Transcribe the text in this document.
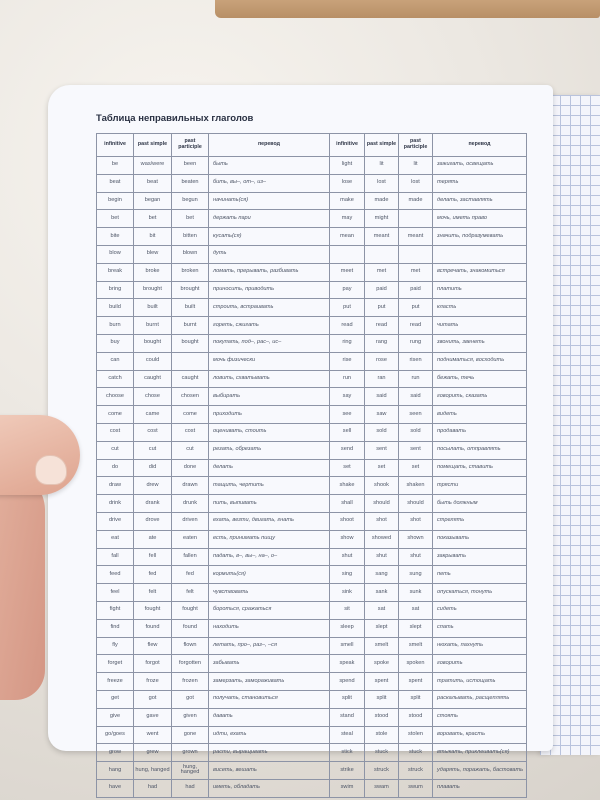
Таблица неправильных глаголов
infinitive	past simple	past participle	перевод	infinitive	past simple	past participle	перевод
be	was/were	been	быть	light	lit	lit	зажигать, освещать
beat	beat	beaten	бить, вы–, от–, из–	lose	lost	lost	терять
begin	began	begun	начинать(ся)	make	made	made	делать, заставлять
bet	bet	bet	держать пари	may	might		мочь, иметь право
bite	bit	bitten	кусать(ся)	mean	meant	meant	значить, подразумевать
blow	blew	blown	дуть				
break	broke	broken	ломать, прерывать, разбивать	meet	met	met	встречать, знакомиться
bring	brought	brought	приносить, приводить	pay	paid	paid	платить
build	built	built	строить, встраивать	put	put	put	класть
burn	burnt	burnt	гореть, сжигать	read	read	read	читать
buy	bought	bought	покупать, под–, рас–, ис–	ring	rang	rung	звонить, звенеть
can	could		мочь физически	rise	rose	risen	подниматься, восходить
catch	caught	caught	ловить, схватывать	run	ran	run	бежать, течь
choose	chose	chosen	выбирать	say	said	said	говорить, сказать
come	came	come	приходить	see	saw	seen	видеть
cost	cost	cost	оценивать, стоить	sell	sold	sold	продавать
cut	cut	cut	резать, обрезать	send	sent	sent	посылать, отправлять
do	did	done	делать	set	set	set	помещать, ставить
draw	drew	drawn	тащить, чертить	shake	shook	shaken	трясти
drink	drank	drunk	пить, выпивать	shall	should	should	быть должным
drive	drove	driven	ехать, везти, двигать, гнать	shoot	shot	shot	стрелять
eat	ate	eaten	есть, принимать пищу	show	showed	shown	показывать
fall	fell	fallen	падать, в–, вы–, на–, о–	shut	shut	shut	закрывать
feed	fed	fed	кормить(ся)	sing	sang	sung	петь
feel	felt	felt	чувствовать	sink	sank	sunk	опускаться, тонуть
fight	fought	fought	бороться, сражаться	sit	sat	sat	сидеть
find	found	found	находить	sleep	slept	slept	спать
fly	flew	flown	летать, про–, раз–, –ся	smell	smelt	smelt	нюхать, пахнуть
forget	forgot	forgotten	забывать	speak	spoke	spoken	говорить
freeze	froze	frozen	замерзать, замораживать	spend	spent	spent	тратить, истощать
get	got	got	получать, становиться	split	split	split	раскалывать, расщеплять
give	gave	given	давать	stand	stood	stood	стоять
go/goes	went	gone	идти, ехать	steal	stole	stolen	воровать, красть
grow	grew	grown	расти, выращивать	stick	stuck	stuck	втыкать, приклеивать(ся)
hang	hung, hanged	hung, hanged	висеть, вешать	strike	struck	struck	ударять, поражать, бастовать
have	had	had	иметь, обладать	swim	swam	swum	плавать
